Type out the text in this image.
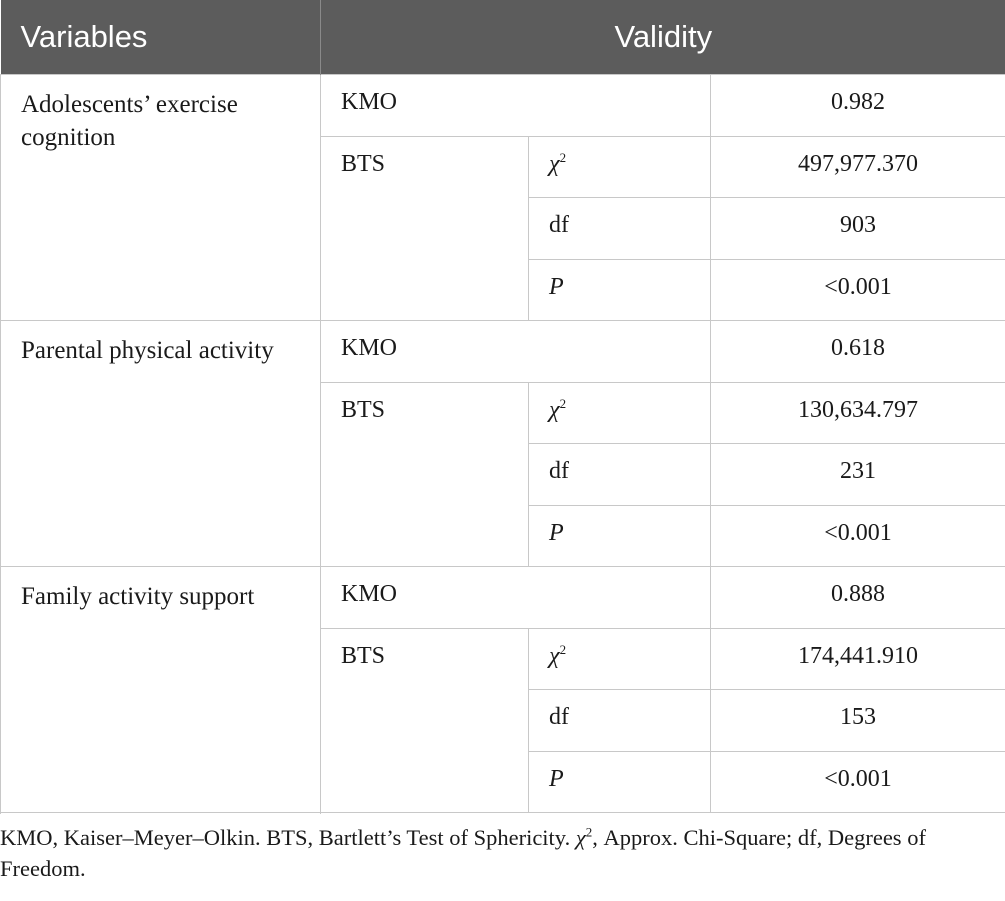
Variables	Validity		
Adolescents’ exercise cognition	KMO		0.982
	BTS	$\chi^2$	497,977.370
		df	903
		P	<0.001

Parental physical activity	KMO		0.618
	BTS	$\chi^2$	130,634.797
		df	231
		P	<0.001

Family activity support	KMO		0.888
	BTS	$\chi^2$	174,441.910
		df	153
		P	<0.001

KMO, Kaiser–Meyer–Olkin. BTS, Bartlett’s Test of Sphericity. $\chi^2$, Approx. Chi-Square; df, Degrees of Freedom.
